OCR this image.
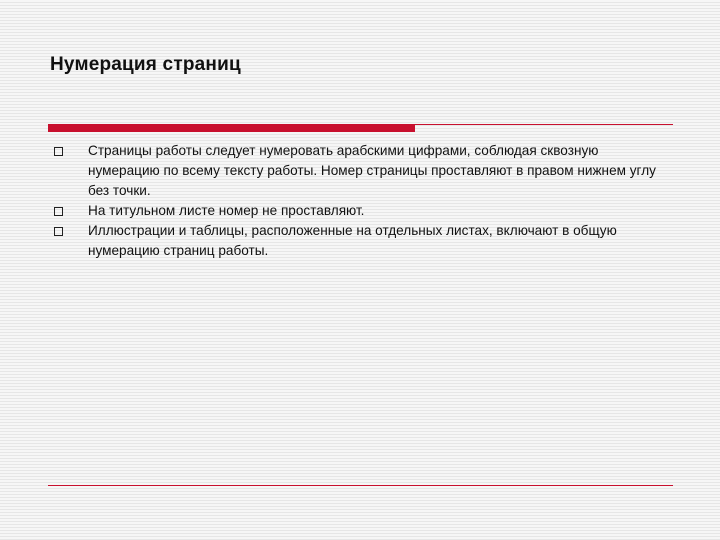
Нумерация страниц
Страницы работы следует нумеровать арабскими цифрами, соблюдая сквозную нумерацию по всему тексту работы. Номер страницы проставляют в правом нижнем углу без точки.
На титульном листе номер не проставляют.
Иллюстрации и таблицы, расположенные на отдельных листах, включают в общую нумерацию страниц работы.
